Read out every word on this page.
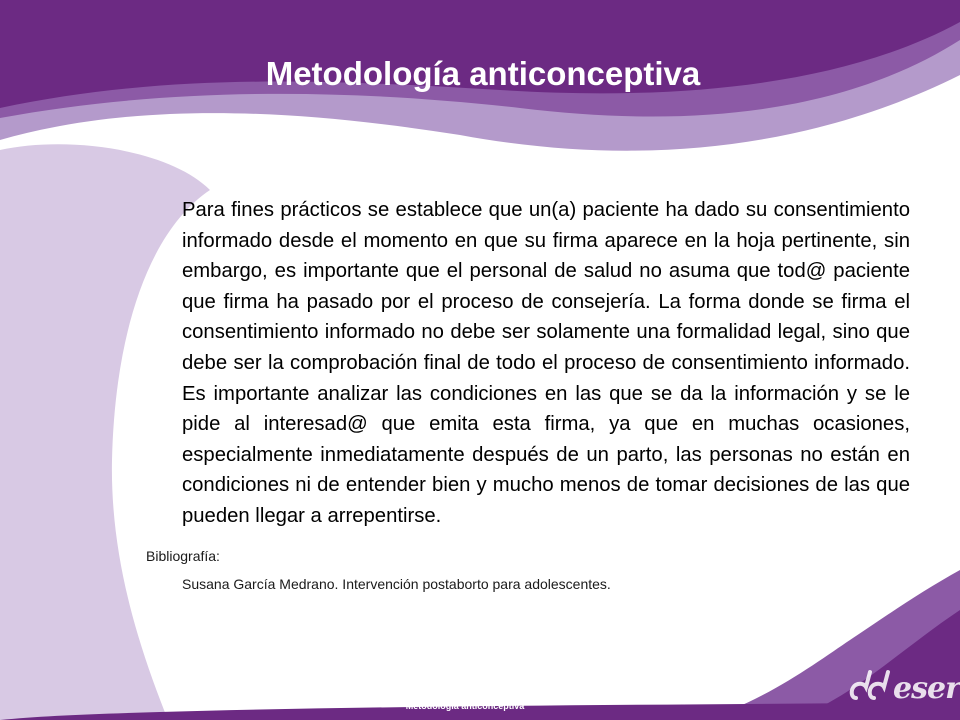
Metodología anticonceptiva

Para fines prácticos se establece que un(a) paciente ha dado su consentimiento informado desde el momento en que su firma aparece en la hoja pertinente, sin embargo, es importante que el personal de salud no asuma que tod@ paciente que firma ha pasado por el proceso de consejería. La forma donde se firma el consentimiento informado no debe ser solamente una formalidad legal, sino que debe ser la comprobación final de todo el proceso de consentimiento informado. Es importante analizar las condiciones en las que se da la información y se le pide al interesad@ que emita esta firma, ya que en muchas ocasiones, especialmente inmediatamente después de un parto, las personas no están en condiciones ni de entender bien y mucho menos de tomar decisiones de las que pueden llegar a arrepentirse.

Bibliografía:

Susana García Medrano. Intervención postaborto para adolescentes.

Metodología anticonceptiva	eser
